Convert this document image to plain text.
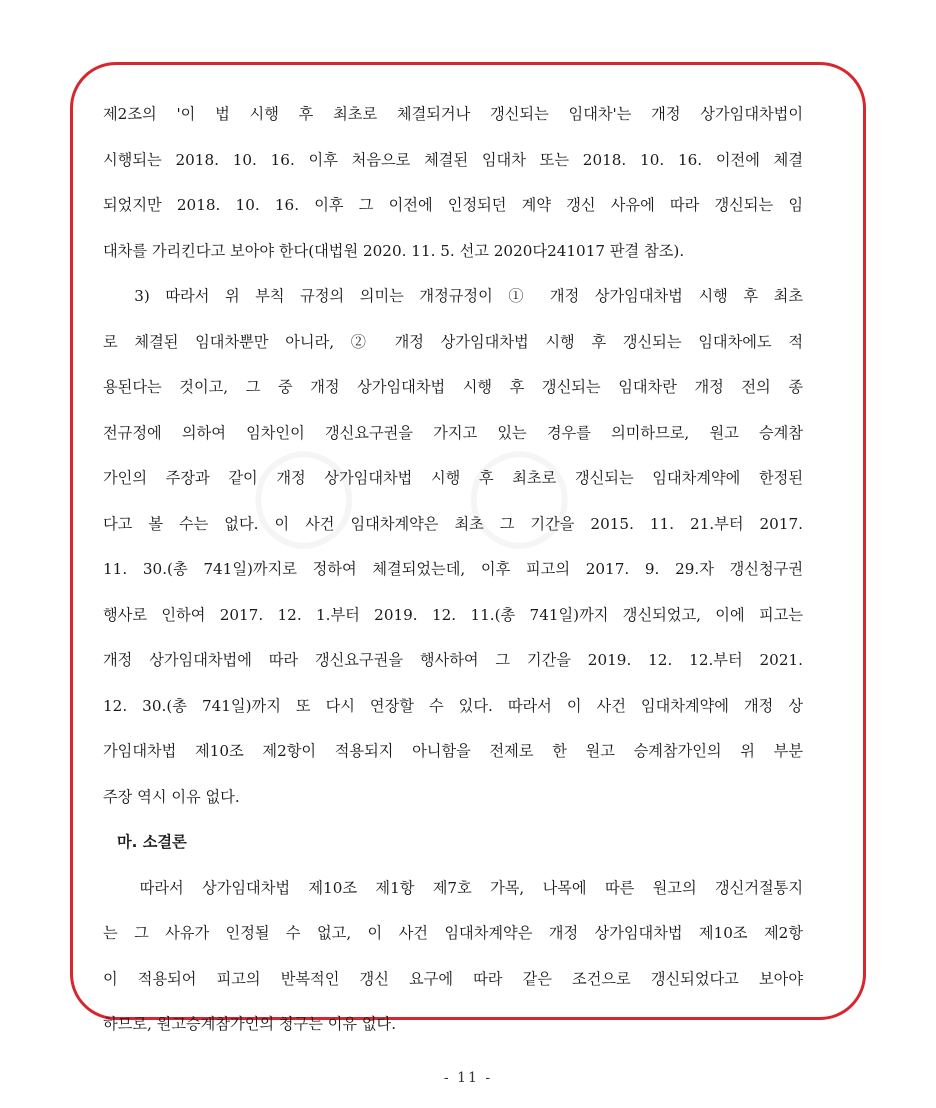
제2조의 '이 법 시행 후 최초로 체결되거나 갱신되는 임대차'는 개정 상가임대차법이
시행되는 2018. 10. 16. 이후 처음으로 체결된 임대차 또는 2018. 10. 16. 이전에 체결
되었지만 2018. 10. 16. 이후 그 이전에 인정되던 계약 갱신 사유에 따라 갱신되는 임
대차를 가리킨다고 보아야 한다(대법원 2020. 11. 5. 선고 2020다241017 판결 참조).
3) 따라서 위 부칙 규정의 의미는 개정규정이 ① 개정 상가임대차법 시행 후 최초
로 체결된 임대차뿐만 아니라, ② 개정 상가임대차법 시행 후 갱신되는 임대차에도 적
용된다는 것이고, 그 중 개정 상가임대차법 시행 후 갱신되는 임대차란 개정 전의 종
전규정에 의하여 임차인이 갱신요구권을 가지고 있는 경우를 의미하므로, 원고 승계참
가인의 주장과 같이 개정 상가임대차법 시행 후 최초로 갱신되는 임대차계약에 한정된
다고 볼 수는 없다. 이 사건 임대차계약은 최초 그 기간을 2015. 11. 21.부터 2017.
11. 30.(총 741일)까지로 정하여 체결되었는데, 이후 피고의 2017. 9. 29.자 갱신청구권
행사로 인하여 2017. 12. 1.부터 2019. 12. 11.(총 741일)까지 갱신되었고, 이에 피고는
개정 상가임대차법에 따라 갱신요구권을 행사하여 그 기간을 2019. 12. 12.부터 2021.
12. 30.(총 741일)까지 또 다시 연장할 수 있다. 따라서 이 사건 임대차계약에 개정 상
가임대차법 제10조 제2항이 적용되지 아니함을 전제로 한 원고 승계참가인의 위 부분
주장 역시 이유 없다.
마. 소결론
따라서 상가임대차법 제10조 제1항 제7호 가목, 나목에 따른 원고의 갱신거절통지
는 그 사유가 인정될 수 없고, 이 사건 임대차계약은 개정 상가임대차법 제10조 제2항
이 적용되어 피고의 반복적인 갱신 요구에 따라 같은 조건으로 갱신되었다고 보아야
하므로, 원고승계참가인의 청구는 이유 없다.
- 11 -
